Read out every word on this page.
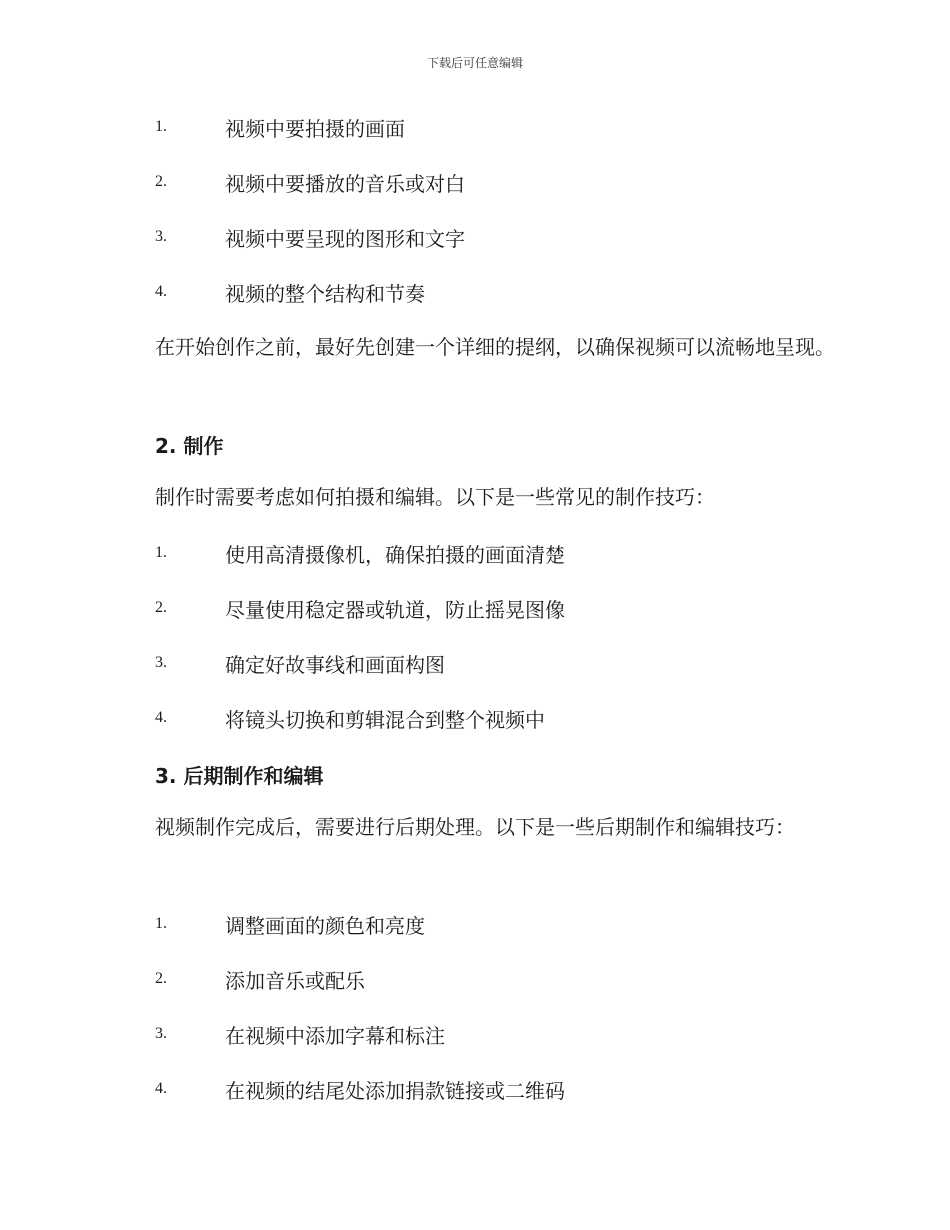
下载后可任意编辑
1.	视频中要拍摄的画面
2.	视频中要播放的音乐或对白
3.	视频中要呈现的图形和文字
4.	视频的整个结构和节奏
在开始创作之前，最好先创建一个详细的提纲，以确保视频可以流畅地呈现。
2. 制作
制作时需要考虑如何拍摄和编辑。以下是一些常见的制作技巧：
1.	使用高清摄像机，确保拍摄的画面清楚
2.	尽量使用稳定器或轨道，防止摇晃图像
3.	确定好故事线和画面构图
4.	将镜头切换和剪辑混合到整个视频中
3. 后期制作和编辑
视频制作完成后，需要进行后期处理。以下是一些后期制作和编辑技巧：
1.	调整画面的颜色和亮度
2.	添加音乐或配乐
3.	在视频中添加字幕和标注
4.	在视频的结尾处添加捐款链接或二维码
